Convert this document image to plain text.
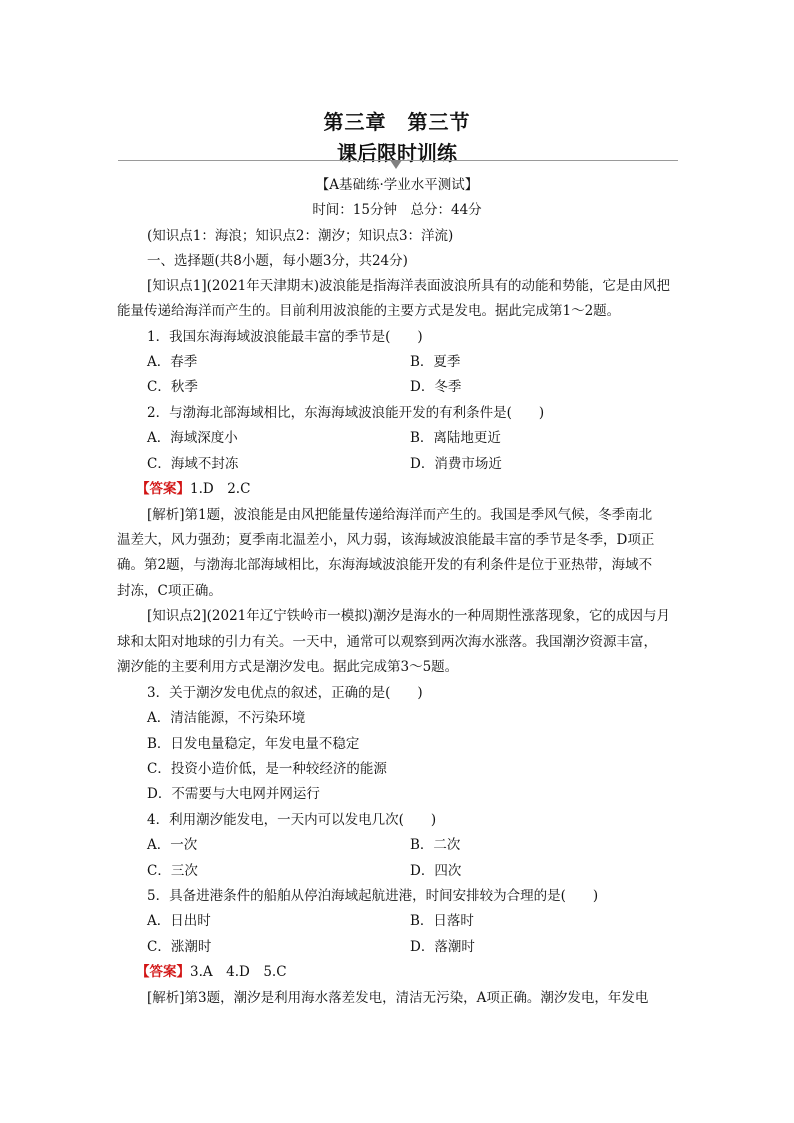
第三章　第三节
课后限时训练
【A基础练·学业水平测试】
时间：15分钟　总分：44分
(知识点1：海浪；知识点2：潮汐；知识点3：洋流)
一、选择题(共8小题，每小题3分，共24分)
[知识点1](2021年天津期末)波浪能是指海洋表面波浪所具有的动能和势能，它是由风把
能量传递给海洋而产生的。目前利用波浪能的主要方式是发电。据此完成第1～2题。
1．我国东海海域波浪能最丰富的季节是(　　)
A．春季	B．夏季
C．秋季	D．冬季
2．与渤海北部海域相比，东海海域波浪能开发的有利条件是(　　)
A．海域深度小	B．离陆地更近
C．海域不封冻	D．消费市场近
【答案】1.D　2.C
[解析]第1题，波浪能是由风把能量传递给海洋而产生的。我国是季风气候，冬季南北
温差大，风力强劲；夏季南北温差小，风力弱，该海域波浪能最丰富的季节是冬季，D项正
确。第2题，与渤海北部海域相比，东海海域波浪能开发的有利条件是位于亚热带，海域不
封冻，C项正确。
[知识点2](2021年辽宁铁岭市一模拟)潮汐是海水的一种周期性涨落现象，它的成因与月
球和太阳对地球的引力有关。一天中，通常可以观察到两次海水涨落。我国潮汐资源丰富，
潮汐能的主要利用方式是潮汐发电。据此完成第3～5题。
3．关于潮汐发电优点的叙述，正确的是(　　)
A．清洁能源，不污染环境
B．日发电量稳定，年发电量不稳定
C．投资小造价低，是一种较经济的能源
D．不需要与大电网并网运行
4．利用潮汐能发电，一天内可以发电几次(　　)
A．一次	B．二次
C．三次	D．四次
5．具备进港条件的船舶从停泊海域起航进港，时间安排较为合理的是(　　)
A．日出时	B．日落时
C．涨潮时	D．落潮时
【答案】3.A　4.D　5.C
[解析]第3题，潮汐是利用海水落差发电，清洁无污染，A项正确。潮汐发电，年发电
